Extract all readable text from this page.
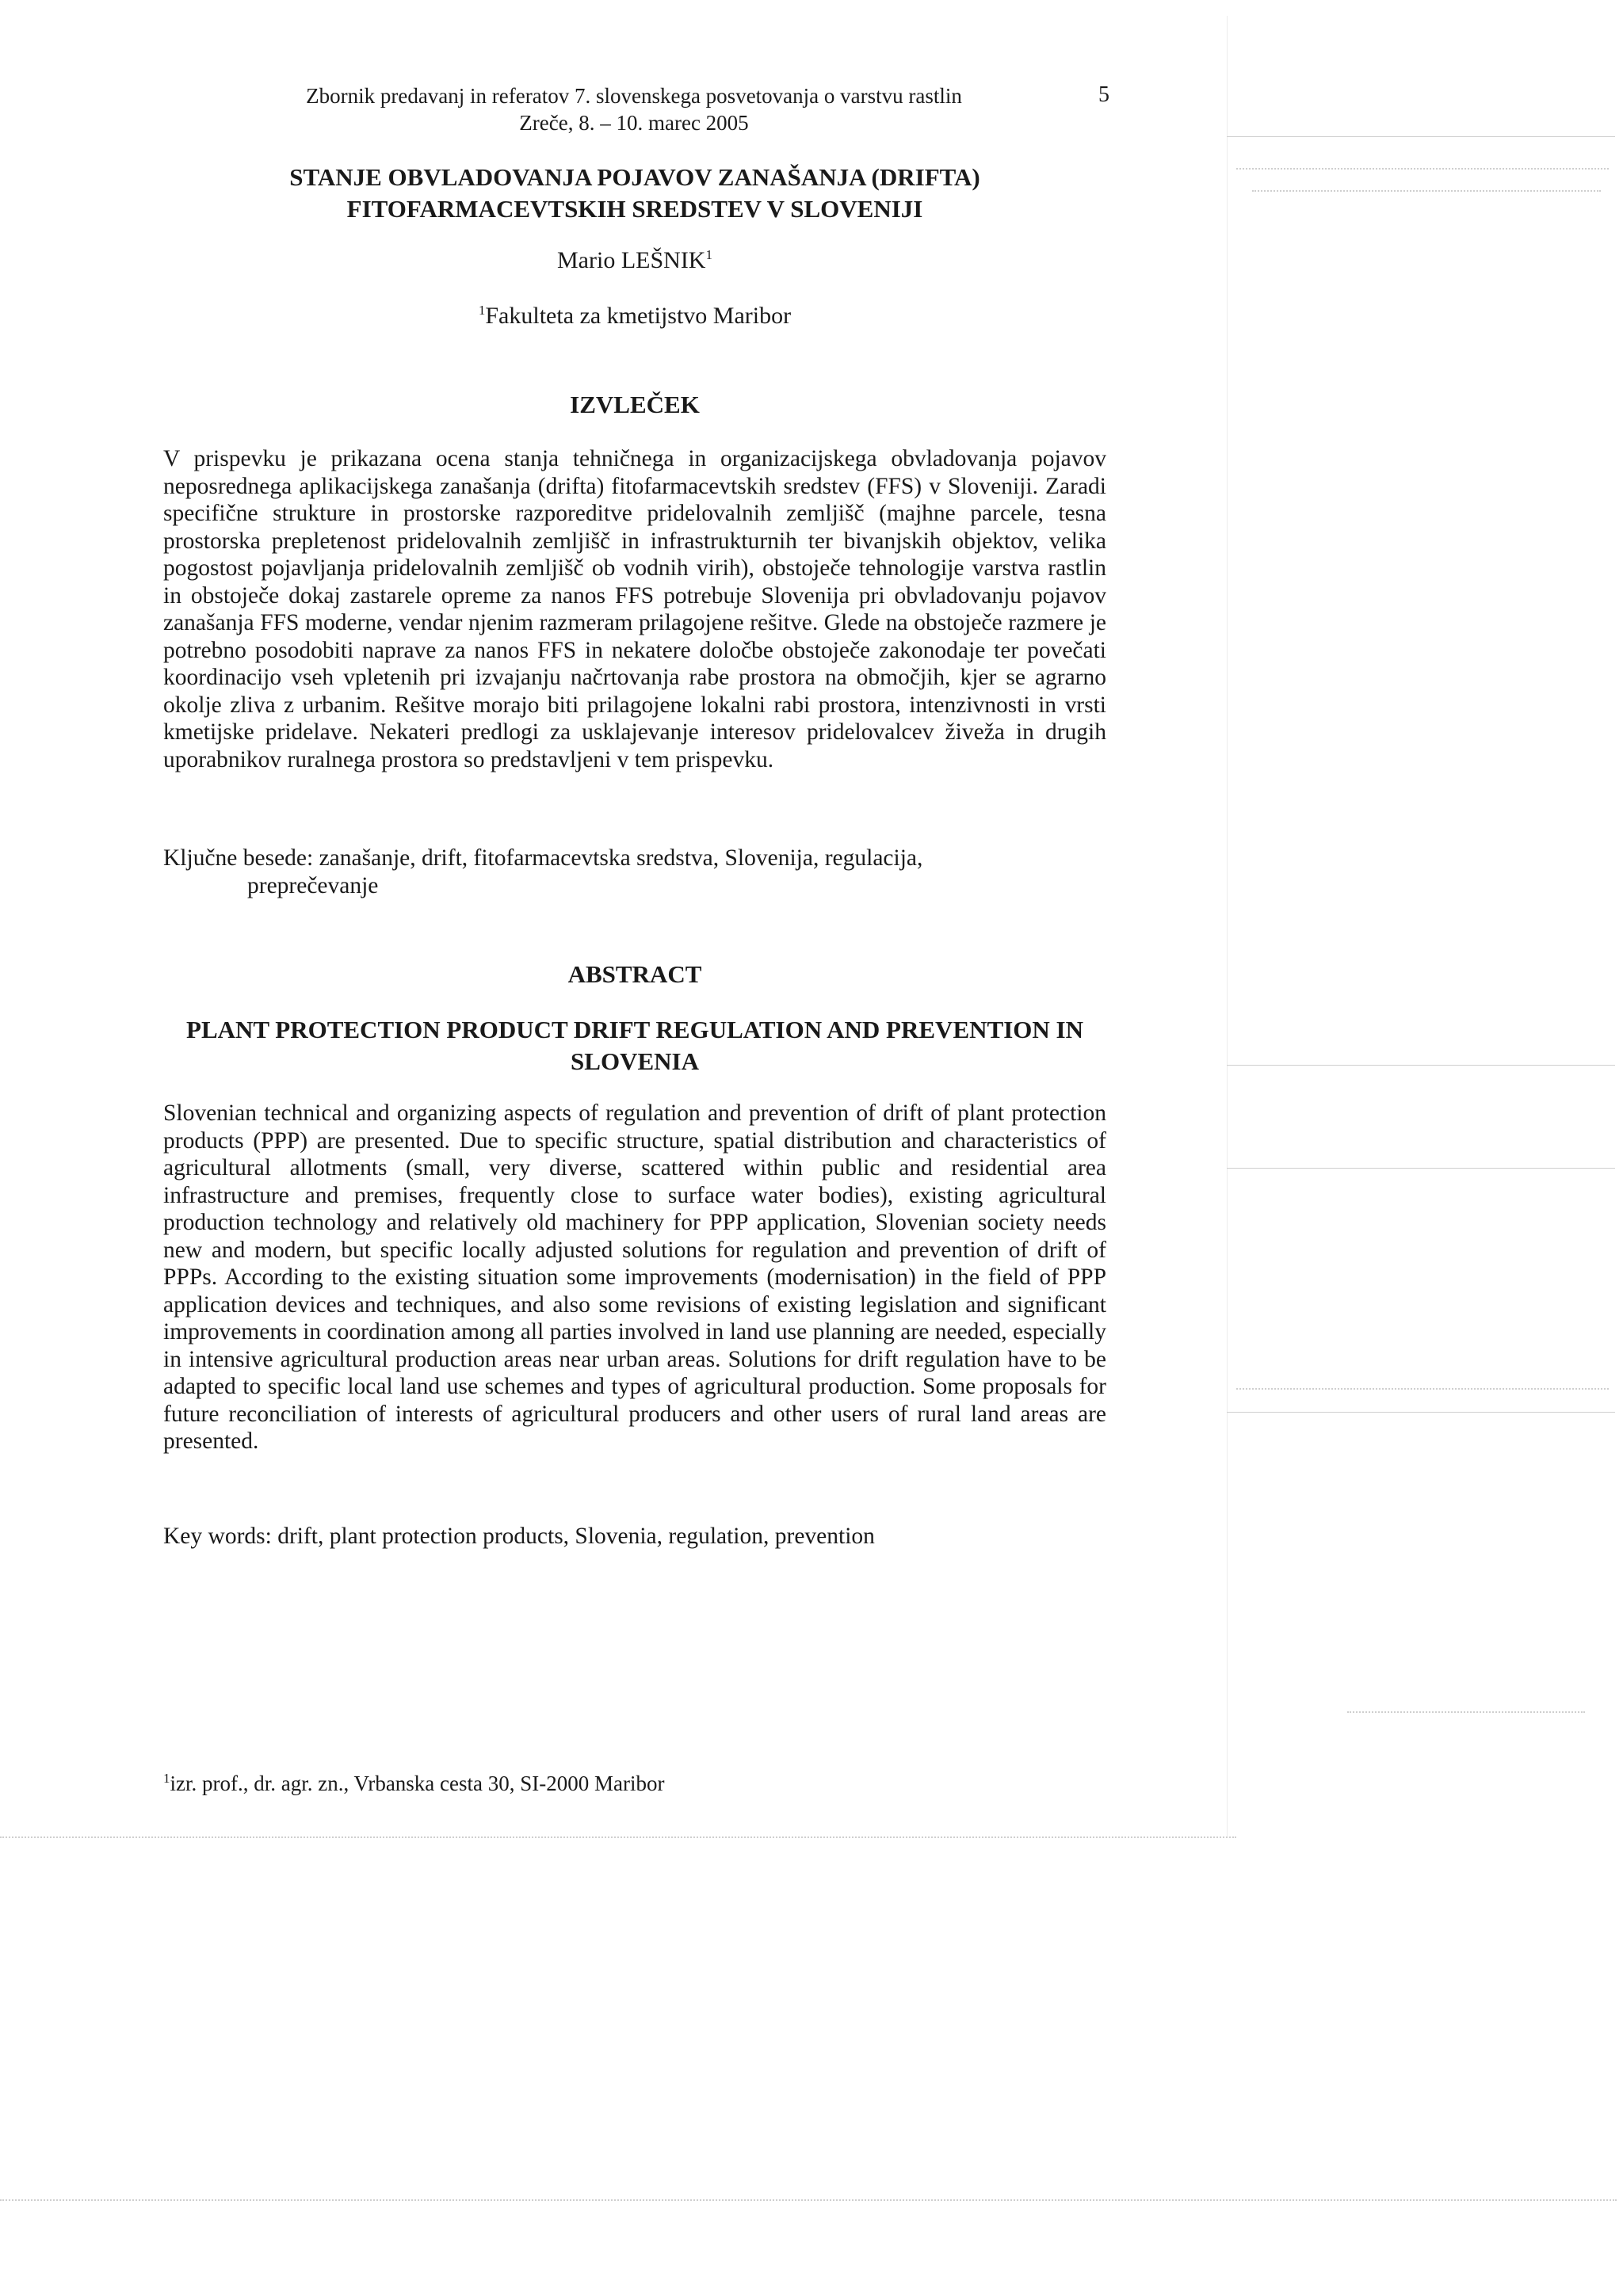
Zbornik predavanj in referatov 7. slovenskega posvetovanja o varstvu rastlin
Zreče, 8. – 10. marec 2005
5
STANJE OBVLADOVANJA POJAVOV ZANAŠANJA (DRIFTA)
FITOFARMACEVTSKIH SREDSTEV V SLOVENIJI
Mario LEŠNIK$^1$
$^1$Fakulteta za kmetijstvo Maribor
IZVLEČEK

V prispevku je prikazana ocena stanja tehničnega in organizacijskega obvladovanja pojavov neposrednega aplikacijskega zanašanja (drifta) fitofarmacevtskih sredstev (FFS) v Sloveniji. Zaradi specifične strukture in prostorske razporeditve pridelovalnih zemljišč (majhne parcele, tesna prostorska prepletenost pridelovalnih zemljišč in infrastrukturnih ter bivanjskih objektov, velika pogostost pojavljanja pridelovalnih zemljišč ob vodnih virih), obstoječe tehnologije varstva rastlin in obstoječe dokaj zastarele opreme za nanos FFS potrebuje Slovenija pri obvladovanju pojavov zanašanja FFS moderne, vendar njenim razmeram prilagojene rešitve. Glede na obstoječe razmere je potrebno posodobiti naprave za nanos FFS in nekatere določbe obstoječe zakonodaje ter povečati koordinacijo vseh vpletenih pri izvajanju načrtovanja rabe prostora na območjih, kjer se agrarno okolje zliva z urbanim. Rešitve morajo biti prilagojene lokalni rabi prostora, intenzivnosti in vrsti kmetijske pridelave. Nekateri predlogi za usklajevanje interesov pridelovalcev živeža in drugih uporabnikov ruralnega prostora so predstavljeni v tem prispevku.

Ključne besede: zanašanje, drift, fitofarmacevtska sredstva, Slovenija, regulacija,
preprečevanje

ABSTRACT
PLANT PROTECTION PRODUCT DRIFT REGULATION AND PREVENTION IN
SLOVENIA

Slovenian technical and organizing aspects of regulation and prevention of drift of plant protection products (PPP) are presented. Due to specific structure, spatial distribution and characteristics of agricultural allotments (small, very diverse, scattered within public and residential area infrastructure and premises, frequently close to surface water bodies), existing agricultural production technology and relatively old machinery for PPP application, Slovenian society needs new and modern, but specific locally adjusted solutions for regulation and prevention of drift of PPPs. According to the existing situation some improvements (modernisation) in the field of PPP application devices and techniques, and also some revisions of existing legislation and significant improvements in coordination among all parties involved in land use planning are needed, especially in intensive agricultural production areas near urban areas. Solutions for drift regulation have to be adapted to specific local land use schemes and types of agricultural production. Some proposals for future reconciliation of interests of agricultural producers and other users of rural land areas are presented.

Key words: drift, plant protection products, Slovenia, regulation, prevention

$^1$izr. prof., dr. agr. zn., Vrbanska cesta 30, SI-2000 Maribor
